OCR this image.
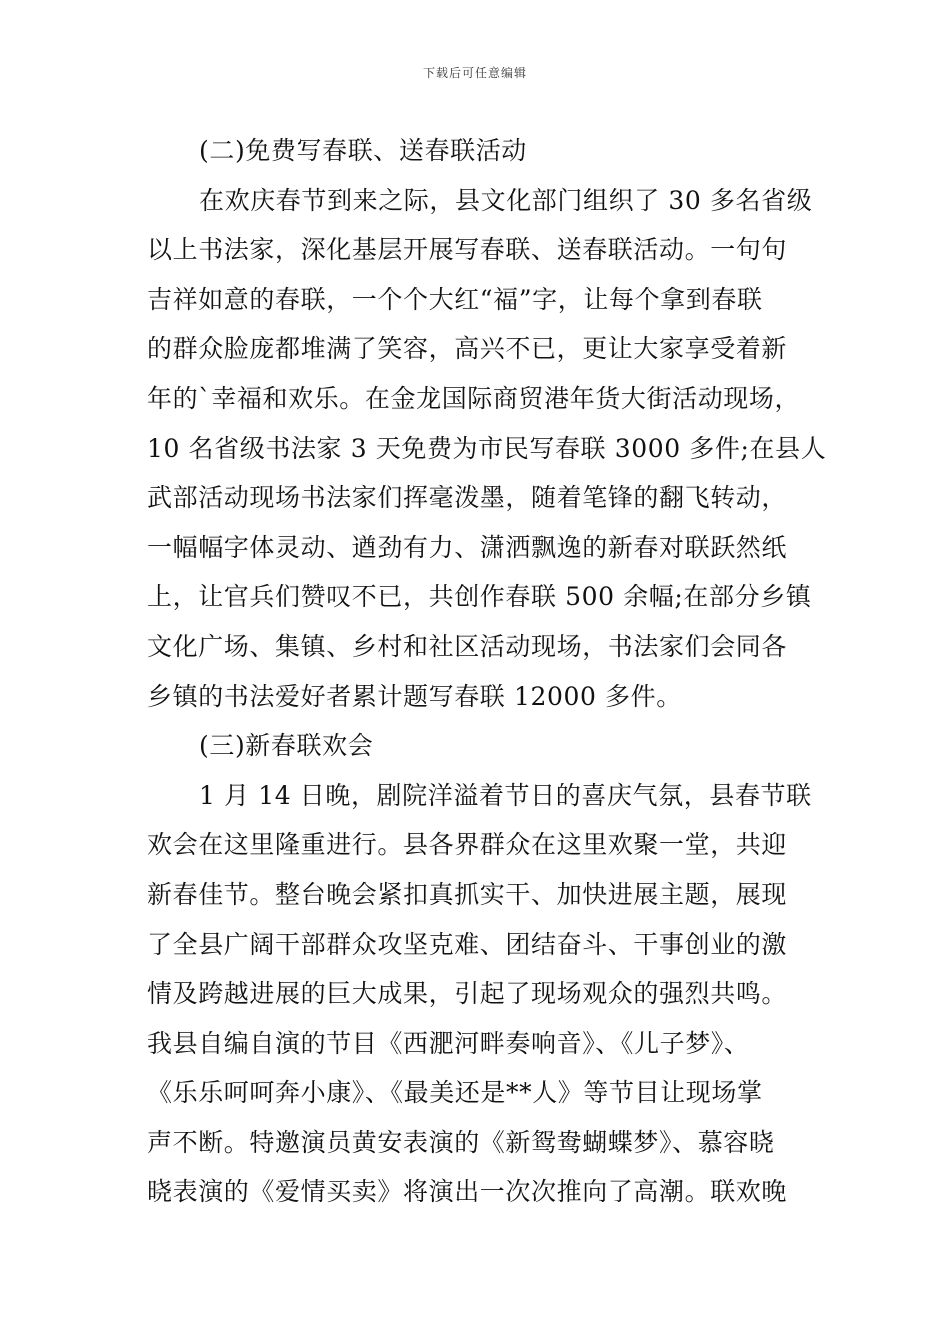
下载后可任意编辑
(二)免费写春联、送春联活动
在欢庆春节到来之际，县文化部门组织了 30 多名省级
以上书法家，深化基层开展写春联、送春联活动。一句句
吉祥如意的春联，一个个大红“福”字，让每个拿到春联
的群众脸庞都堆满了笑容，高兴不已，更让大家享受着新
年的`幸福和欢乐。在金龙国际商贸港年货大街活动现场，
10 名省级书法家 3 天免费为市民写春联 3000 多件;在县人
武部活动现场书法家们挥毫泼墨，随着笔锋的翻飞转动，
一幅幅字体灵动、遒劲有力、潇洒飘逸的新春对联跃然纸
上，让官兵们赞叹不已，共创作春联 500 余幅;在部分乡镇
文化广场、集镇、乡村和社区活动现场，书法家们会同各
乡镇的书法爱好者累计题写春联 12000 多件。
(三)新春联欢会
1 月 14 日晚，剧院洋溢着节日的喜庆气氛，县春节联
欢会在这里隆重进行。县各界群众在这里欢聚一堂，共迎
新春佳节。整台晚会紧扣真抓实干、加快进展主题，展现
了全县广阔干部群众攻坚克难、团结奋斗、干事创业的激
情及跨越进展的巨大成果，引起了现场观众的强烈共鸣。
我县自编自演的节目《西淝河畔奏响音》、《儿子梦》、
《乐乐呵呵奔小康》、《最美还是**人》等节目让现场掌
声不断。特邀演员黄安表演的《新鸳鸯蝴蝶梦》、慕容晓
晓表演的《爱情买卖》将演出一次次推向了高潮。联欢晚
